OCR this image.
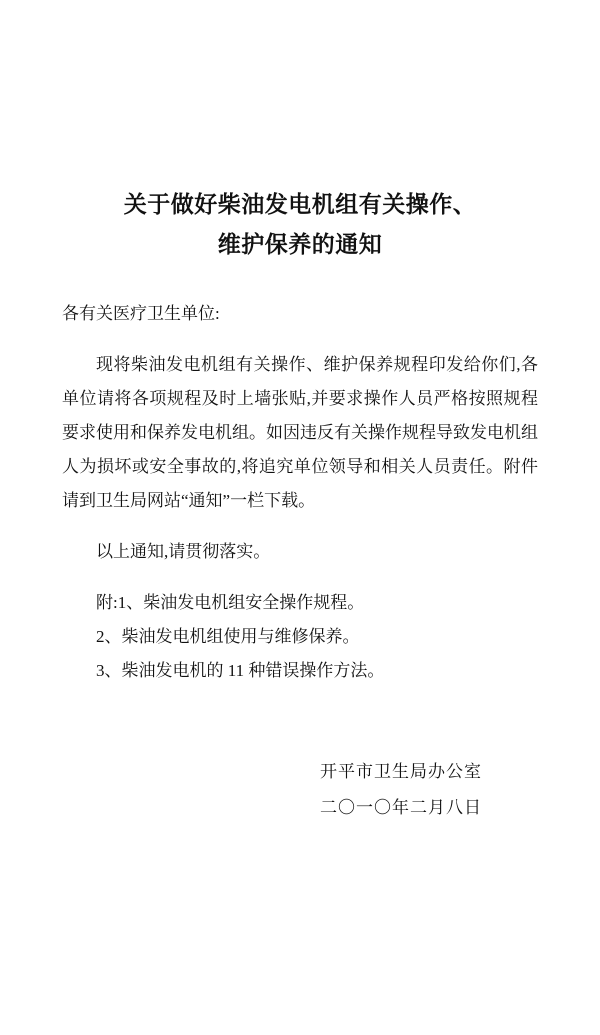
关于做好柴油发电机组有关操作、
维护保养的通知

各有关医疗卫生单位:

现将柴油发电机组有关操作、维护保养规程印发给你们,各单位请将各项规程及时上墙张贴,并要求操作人员严格按照规程要求使用和保养发电机组。如因违反有关操作规程导致发电机组人为损坏或安全事故的,将追究单位领导和相关人员责任。附件请到卫生局网站“通知”一栏下载。

以上通知,请贯彻落实。

附:1、柴油发电机组安全操作规程。
2、柴油发电机组使用与维修保养。
3、柴油发电机的 11 种错误操作方法。
开平市卫生局办公室
二〇一〇年二月八日
